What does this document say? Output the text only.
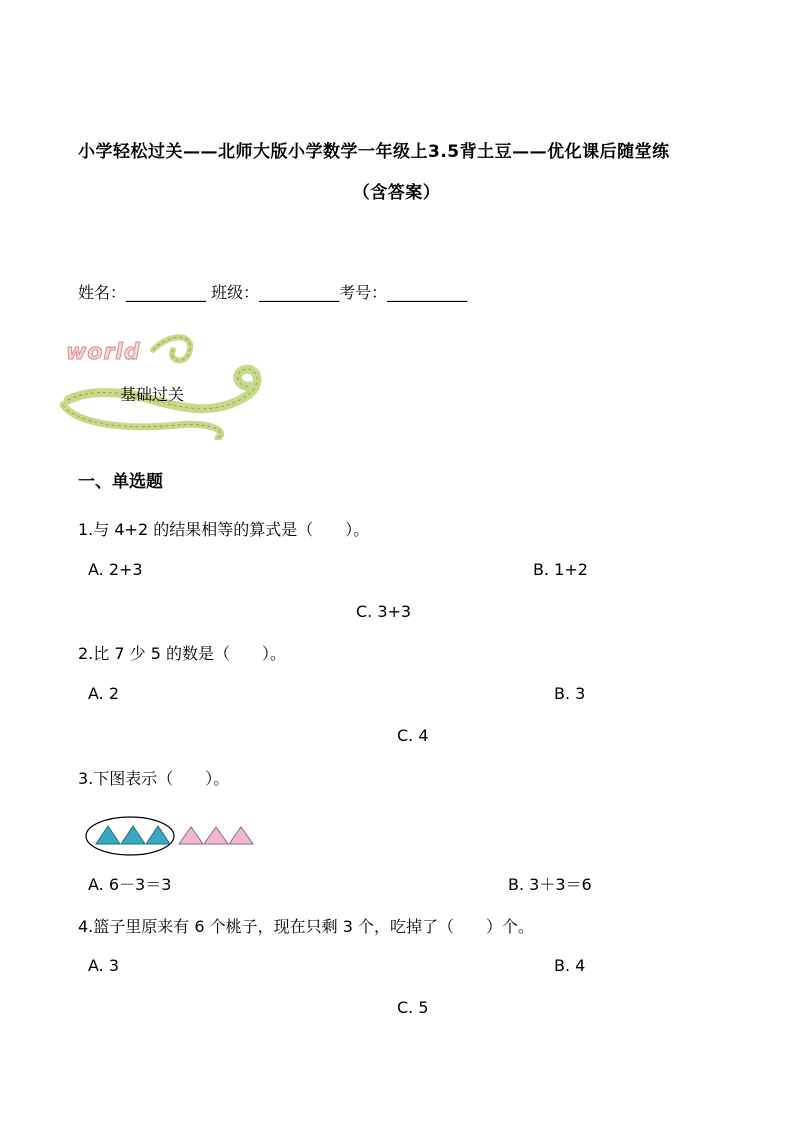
小学轻松过关——北师大版小学数学一年级上3.5背土豆——优化课后随堂练
（含答案）
姓名：__________ 班级：__________考号：__________
world
基础过关
一、单选题
1.与 4+2 的结果相等的算式是（　　）。
A. 2+3	B. 1+2
C. 3+3
2.比 7 少 5 的数是（　　）。
A. 2	B. 3
C. 4
3.下图表示（　　）。
A. 6－3＝3	B. 3＋3＝6
4.篮子里原来有 6 个桃子，现在只剩 3 个，吃掉了（　　）个。
A. 3	B. 4
C. 5
